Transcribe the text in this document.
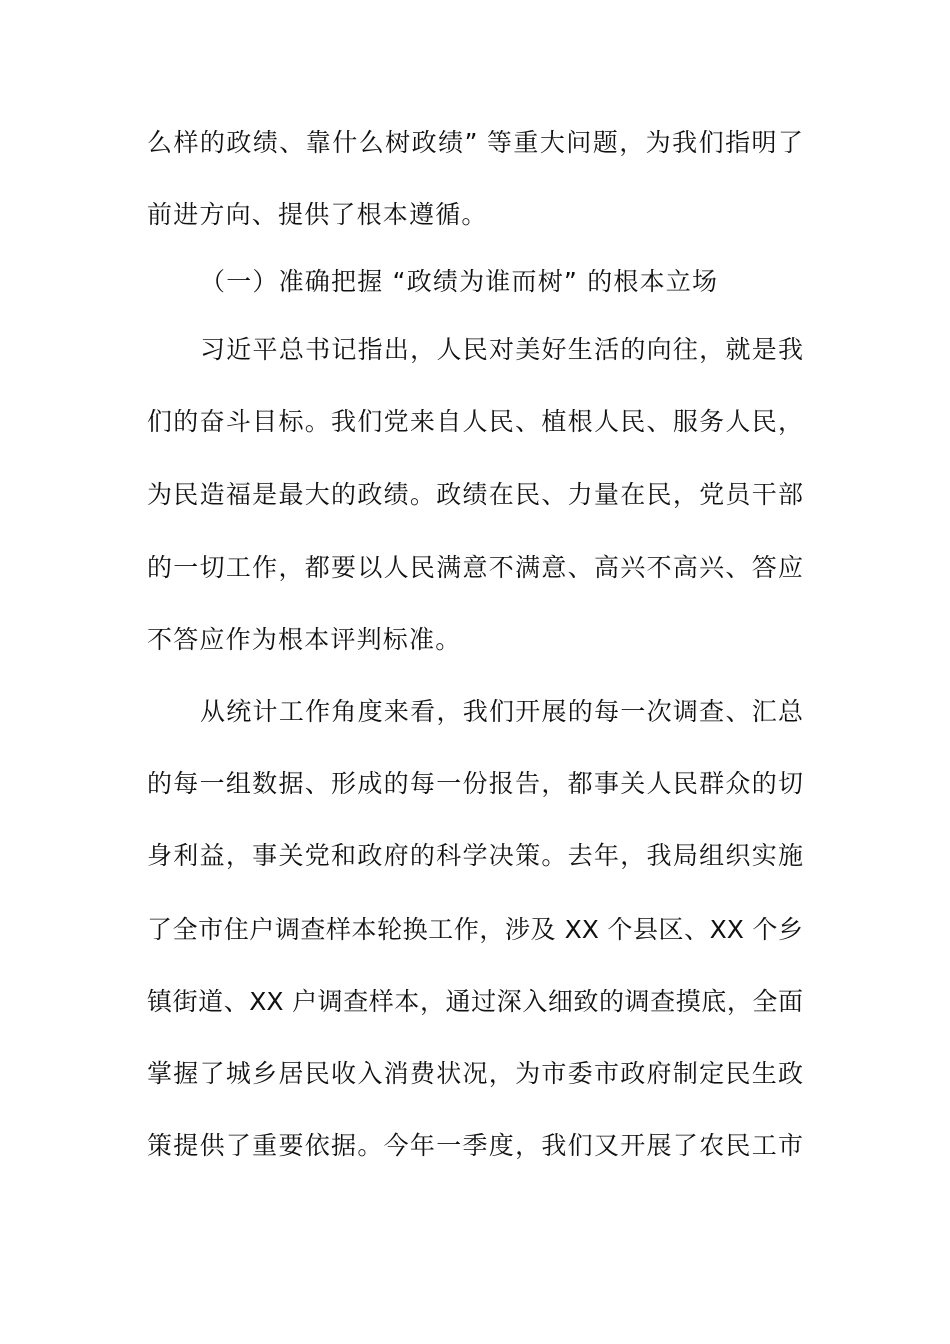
么样的政绩、靠什么树政绩” 等重大问题，为我们指明了
前进方向、提供了根本遵循。
（一）准确把握 “政绩为谁而树” 的根本立场
习近平总书记指出，人民对美好生活的向往，就是我
们的奋斗目标。我们党来自人民、植根人民、服务人民，
为民造福是最大的政绩。政绩在民、力量在民，党员干部
的一切工作，都要以人民满意不满意、高兴不高兴、答应
不答应作为根本评判标准。
从统计工作角度来看，我们开展的每一次调查、汇总
的每一组数据、形成的每一份报告，都事关人民群众的切
身利益，事关党和政府的科学决策。去年，我局组织实施
了全市住户调查样本轮换工作，涉及 XX 个县区、XX 个乡
镇街道、XX 户调查样本，通过深入细致的调查摸底，全面
掌握了城乡居民收入消费状况，为市委市政府制定民生政
策提供了重要依据。今年一季度，我们又开展了农民工市
